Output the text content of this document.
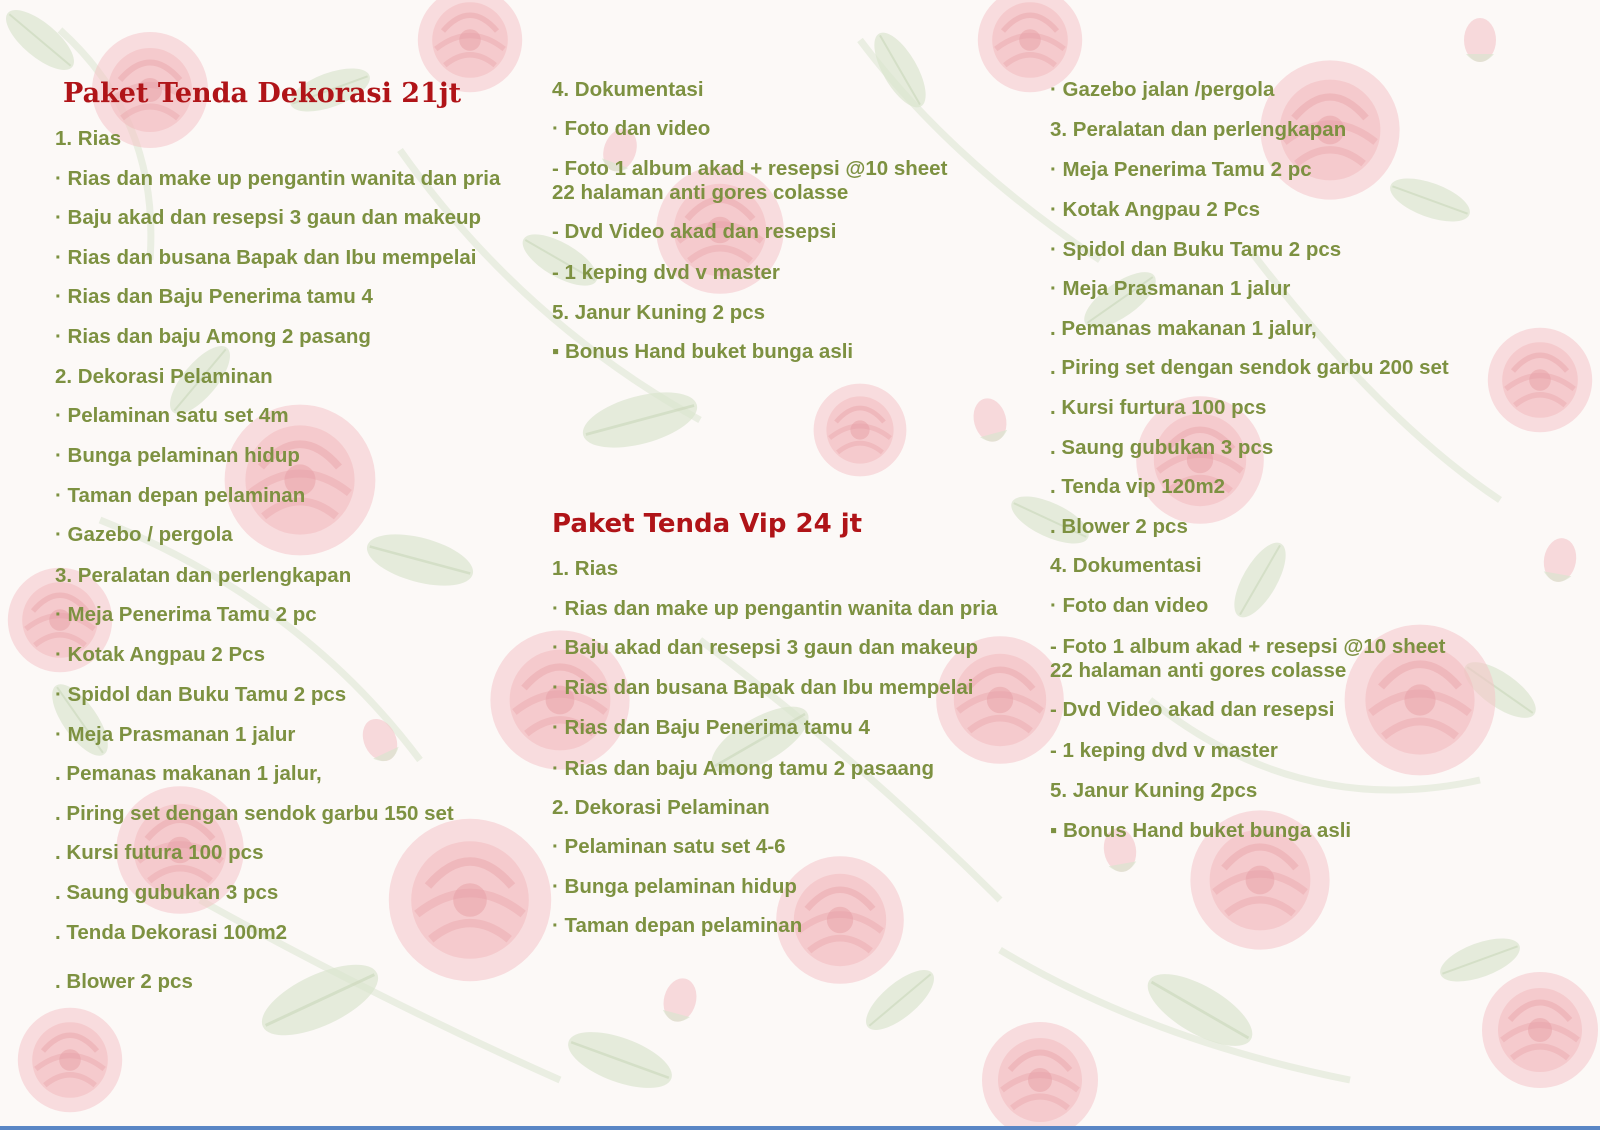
Paket Tenda Dekorasi 21jt

1. Rias

· Rias dan make up pengantin wanita dan pria

· Baju akad dan resepsi 3 gaun dan makeup

· Rias dan busana Bapak dan Ibu mempelai

· Rias dan Baju Penerima tamu 4

· Rias dan baju Among 2 pasang

2. Dekorasi Pelaminan

· Pelaminan satu set 4m

· Bunga pelaminan hidup

· Taman depan pelaminan

· Gazebo / pergola

3. Peralatan dan perlengkapan

· Meja Penerima Tamu 2 pc

· Kotak Angpau 2 Pcs

· Spidol dan Buku Tamu 2 pcs

· Meja Prasmanan 1 jalur

. Pemanas makanan 1 jalur,

. Piring set dengan sendok garbu 150 set

. Kursi futura 100 pcs

. Saung gubukan 3 pcs

. Tenda Dekorasi 100m2

. Blower 2 pcs

4. Dokumentasi

· Foto dan video

- Foto 1 album akad + resepsi @10 sheet

22 halaman anti gores colasse

- Dvd Video akad dan resepsi

- 1 keping dvd v master

5. Janur Kuning 2 pcs

▪ Bonus Hand buket bunga asli

Paket Tenda Vip 24 jt

1. Rias

· Rias dan make up pengantin wanita dan pria

· Baju akad dan resepsi 3 gaun dan makeup

· Rias dan busana Bapak dan Ibu mempelai

· Rias dan Baju Penerima tamu 4

· Rias dan baju Among tamu 2 pasaang

2. Dekorasi Pelaminan

· Pelaminan satu set 4-6

· Bunga pelaminan hidup

· Taman depan pelaminan

· Gazebo jalan /pergola

3. Peralatan dan perlengkapan

· Meja Penerima Tamu 2 pc

· Kotak Angpau 2 Pcs

· Spidol dan Buku Tamu 2 pcs

· Meja Prasmanan 1 jalur

. Pemanas makanan 1 jalur,

. Piring set dengan sendok garbu 200 set

. Kursi furtura 100 pcs

. Saung gubukan 3 pcs

. Tenda vip 120m2

. Blower 2 pcs

4. Dokumentasi

· Foto dan video

- Foto 1 album akad + resepsi @10 sheet

22 halaman anti gores colasse

- Dvd Video akad dan resepsi

- 1 keping dvd v master

5. Janur Kuning 2pcs

▪ Bonus Hand buket bunga asli
